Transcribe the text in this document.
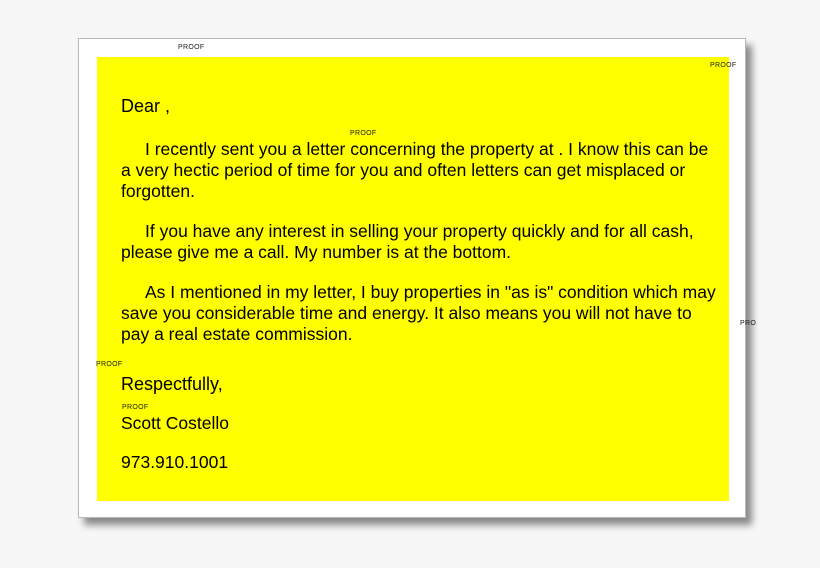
Dear ,

I recently sent you a letter concerning the property at . I know this can be a very hectic period of time for you and often letters can get misplaced or forgotten.

If you have any interest in selling your property quickly and for all cash, please give me a call. My number is at the bottom.

As I mentioned in my letter, I buy properties in "as is" condition which may save you considerable time and energy. It also means you will not have to pay a real estate commission.

Respectfully,

Scott Costello

973.910.1001

PROOF
PROOF
PROOF
PRO
PROOF
PROOF
